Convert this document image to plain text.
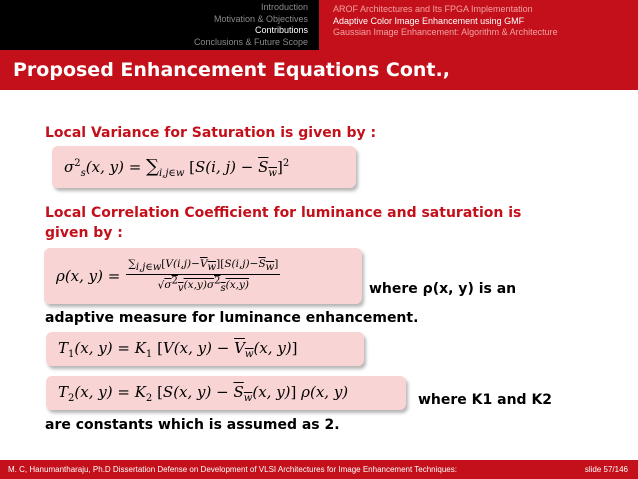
Introduction
Motivation & Objectives
Contributions
Conclusions & Future Scope
AROF Architectures and Its FPGA Implementation
Adaptive Color Image Enhancement using GMF
Gaussian Image Enhancement: Algorithm & Architecture
Proposed Enhancement Equations Cont.,
Local Variance for Saturation is given by :
$\sigma^2_s(x$, $y) = \sum_{i,j\in w}$ [S(i, $j) - S_w]^2$
Local Correlation Coefficient for luminance and saturation is
given by :
ρ(x, $y) = \frac{\sum_{i,j\in w}[V(i,j)-V_w][S(i,j)-S_w]}{√\sigma^2_v(x,y)\sigma^2_s(x,y)}$	where ρ(x, y) is an
adaptive measure for luminance enhancement.
$T_1(x$, $y) = K_1$ [V(x, $y) - V_w(x$, y)]
$T_2(x$, $y) = K_2$ [S(x, $y) - S_w(x$, y)] ρ(x, y)	where K1 and K2
are constants which is assumed as 2.
M. C, Hanumantharaju, Ph.D Dissertation Defense on Development of VLSI Architectures for Image Enhancement Techniques:	slide 57/146
